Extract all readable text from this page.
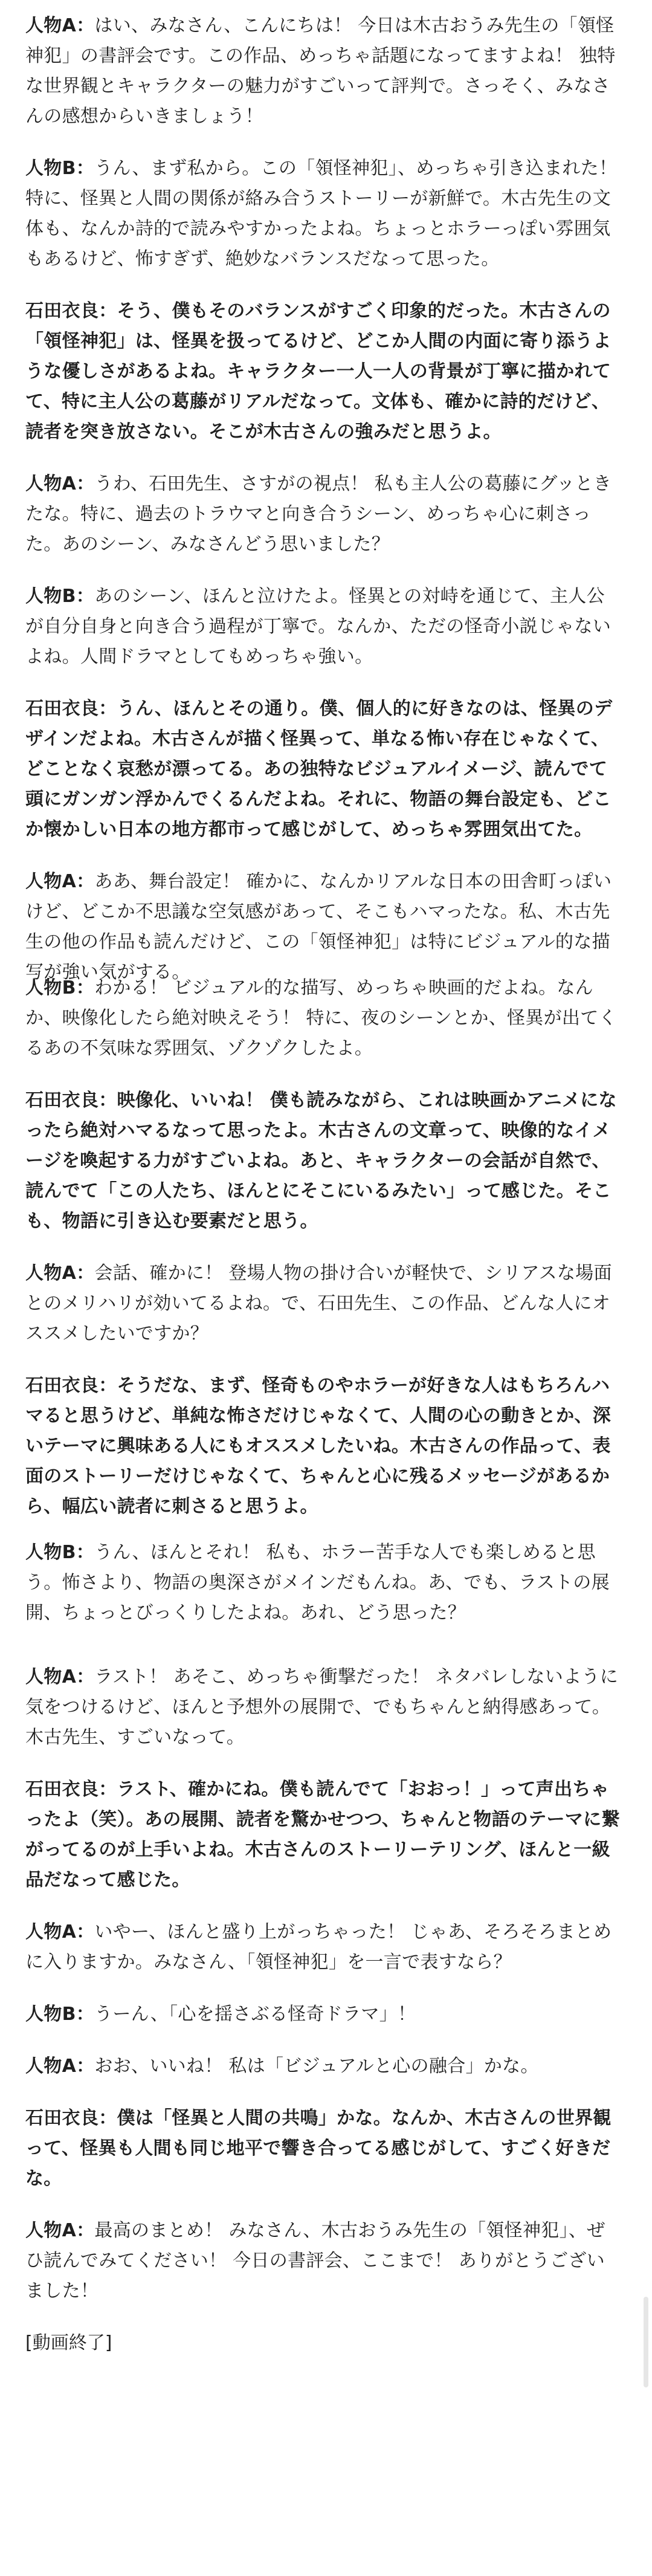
人物A：はい、みなさん、こんにちは！ 今日は木古おうみ先生の「領怪神犯」の書評会です。この作品、めっちゃ話題になってますよね！ 独特な世界観とキャラクターの魅力がすごいって評判で。さっそく、みなさんの感想からいきましょう！

人物B：うん、まず私から。この「領怪神犯」、めっちゃ引き込まれた！ 特に、怪異と人間の関係が絡み合うストーリーが新鮮で。木古先生の文体も、なんか詩的で読みやすかったよね。ちょっとホラーっぽい雰囲気もあるけど、怖すぎず、絶妙なバランスだなって思った。

石田衣良：そう、僕もそのバランスがすごく印象的だった。木古さんの「領怪神犯」は、怪異を扱ってるけど、どこか人間の内面に寄り添うような優しさがあるよね。キャラクター一人一人の背景が丁寧に描かれてて、特に主人公の葛藤がリアルだなって。文体も、確かに詩的だけど、読者を突き放さない。そこが木古さんの強みだと思うよ。

人物A：うわ、石田先生、さすがの視点！ 私も主人公の葛藤にグッときたな。特に、過去のトラウマと向き合うシーン、めっちゃ心に刺さった。あのシーン、みなさんどう思いました？

人物B：あのシーン、ほんと泣けたよ。怪異との対峙を通じて、主人公が自分自身と向き合う過程が丁寧で。なんか、ただの怪奇小説じゃないよね。人間ドラマとしてもめっちゃ強い。

石田衣良：うん、ほんとその通り。僕、個人的に好きなのは、怪異のデザインだよね。木古さんが描く怪異って、単なる怖い存在じゃなくて、どことなく哀愁が漂ってる。あの独特なビジュアルイメージ、読んでて頭にガンガン浮かんでくるんだよね。それに、物語の舞台設定も、どこか懐かしい日本の地方都市って感じがして、めっちゃ雰囲気出てた。

人物A：ああ、舞台設定！ 確かに、なんかリアルな日本の田舎町っぽいけど、どこか不思議な空気感があって、そこもハマったな。私、木古先生の他の作品も読んだけど、この「領怪神犯」は特にビジュアル的な描写が強い気がする。

人物B：わかる！ ビジュアル的な描写、めっちゃ映画的だよね。なんか、映像化したら絶対映えそう！ 特に、夜のシーンとか、怪異が出てくるあの不気味な雰囲気、ゾクゾクしたよ。

石田衣良：映像化、いいね！ 僕も読みながら、これは映画かアニメになったら絶対ハマるなって思ったよ。木古さんの文章って、映像的なイメージを喚起する力がすごいよね。あと、キャラクターの会話が自然で、読んでて「この人たち、ほんとにそこにいるみたい」って感じた。そこも、物語に引き込む要素だと思う。

人物A：会話、確かに！ 登場人物の掛け合いが軽快で、シリアスな場面とのメリハリが効いてるよね。で、石田先生、この作品、どんな人にオススメしたいですか？

石田衣良：そうだな、まず、怪奇ものやホラーが好きな人はもちろんハマると思うけど、単純な怖さだけじゃなくて、人間の心の動きとか、深いテーマに興味ある人にもオススメしたいね。木古さんの作品って、表面のストーリーだけじゃなくて、ちゃんと心に残るメッセージがあるから、幅広い読者に刺さると思うよ。

人物B：うん、ほんとそれ！ 私も、ホラー苦手な人でも楽しめると思う。怖さより、物語の奥深さがメインだもんね。あ、でも、ラストの展開、ちょっとびっくりしたよね。あれ、どう思った？

人物A：ラスト！ あそこ、めっちゃ衝撃だった！ ネタバレしないように気をつけるけど、ほんと予想外の展開で、でもちゃんと納得感あって。木古先生、すごいなって。

石田衣良：ラスト、確かにね。僕も読んでて「おおっ！」って声出ちゃったよ（笑）。あの展開、読者を驚かせつつ、ちゃんと物語のテーマに繋がってるのが上手いよね。木古さんのストーリーテリング、ほんと一級品だなって感じた。

人物A：いやー、ほんと盛り上がっちゃった！ じゃあ、そろそろまとめに入りますか。みなさん、「領怪神犯」を一言で表すなら？

人物B：うーん、「心を揺さぶる怪奇ドラマ」！

人物A：おお、いいね！ 私は「ビジュアルと心の融合」かな。

石田衣良：僕は「怪異と人間の共鳴」かな。なんか、木古さんの世界観って、怪異も人間も同じ地平で響き合ってる感じがして、すごく好きだな。

人物A：最高のまとめ！ みなさん、木古おうみ先生の「領怪神犯」、ぜひ読んでみてください！ 今日の書評会、ここまで！ ありがとうございました！

[動画終了]
